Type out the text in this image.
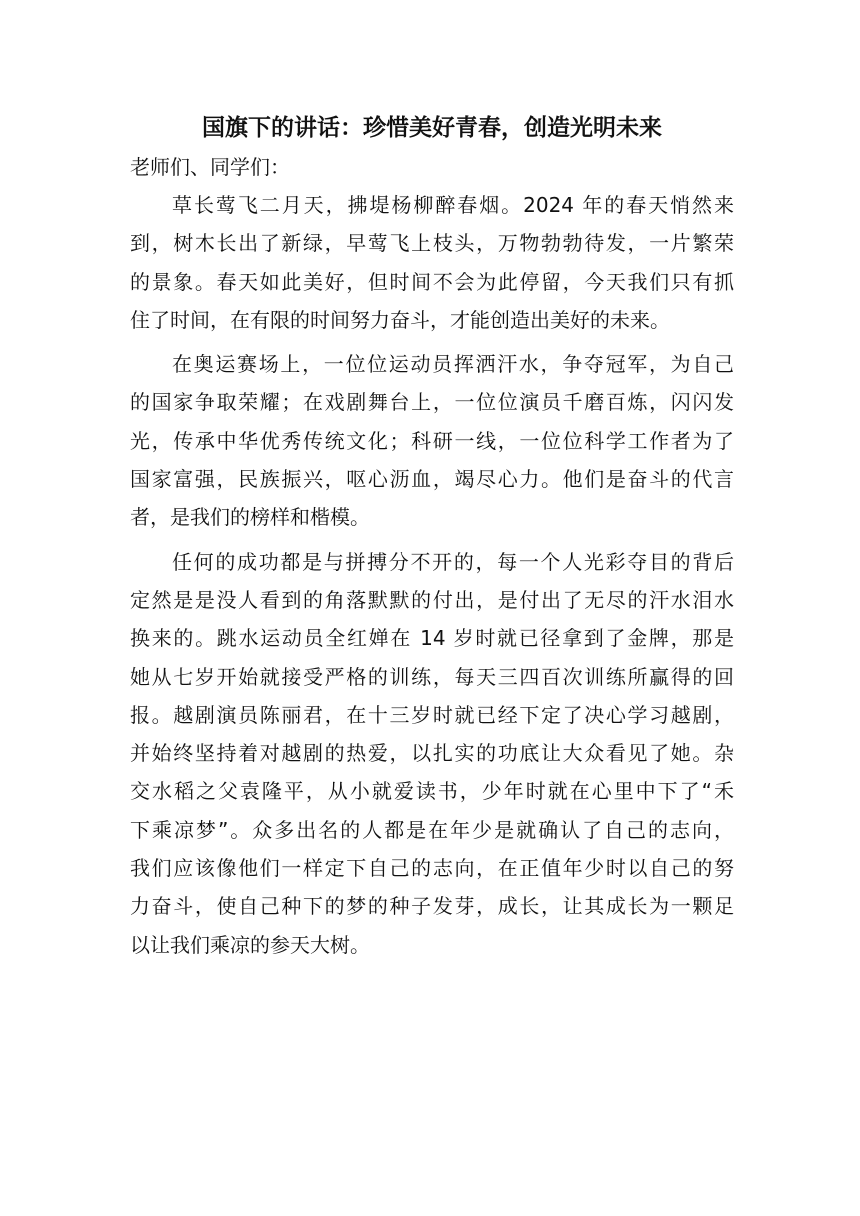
国旗下的讲话：珍惜美好青春，创造光明未来

老师们、同学们：

草长莺飞二月天，拂堤杨柳醉春烟。2024 年的春天悄然来
到，树木长出了新绿，早莺飞上枝头，万物勃勃待发，一片繁荣
的景象。春天如此美好，但时间不会为此停留，今天我们只有抓
住了时间，在有限的时间努力奋斗，才能创造出美好的未来。
在奥运赛场上，一位位运动员挥洒汗水，争夺冠军，为自己
的国家争取荣耀；在戏剧舞台上，一位位演员千磨百炼，闪闪发
光，传承中华优秀传统文化；科研一线，一位位科学工作者为了
国家富强，民族振兴，呕心沥血，竭尽心力。他们是奋斗的代言
者，是我们的榜样和楷模。
任何的成功都是与拼搏分不开的，每一个人光彩夺目的背后
定然是是没人看到的角落默默的付出，是付出了无尽的汗水泪水
换来的。跳水运动员全红婵在 14 岁时就已径拿到了金牌，那是
她从七岁开始就接受严格的训练，每天三四百次训练所赢得的回
报。越剧演员陈丽君，在十三岁时就已经下定了决心学习越剧，
并始终坚持着对越剧的热爱，以扎实的功底让大众看见了她。杂
交水稻之父袁隆平，从小就爱读书，少年时就在心里中下了“禾
下乘凉梦”。众多出名的人都是在年少是就确认了自己的志向，
我们应该像他们一样定下自己的志向，在正值年少时以自己的努
力奋斗，使自己种下的梦的种子发芽，成长，让其成长为一颗足
以让我们乘凉的参天大树。
